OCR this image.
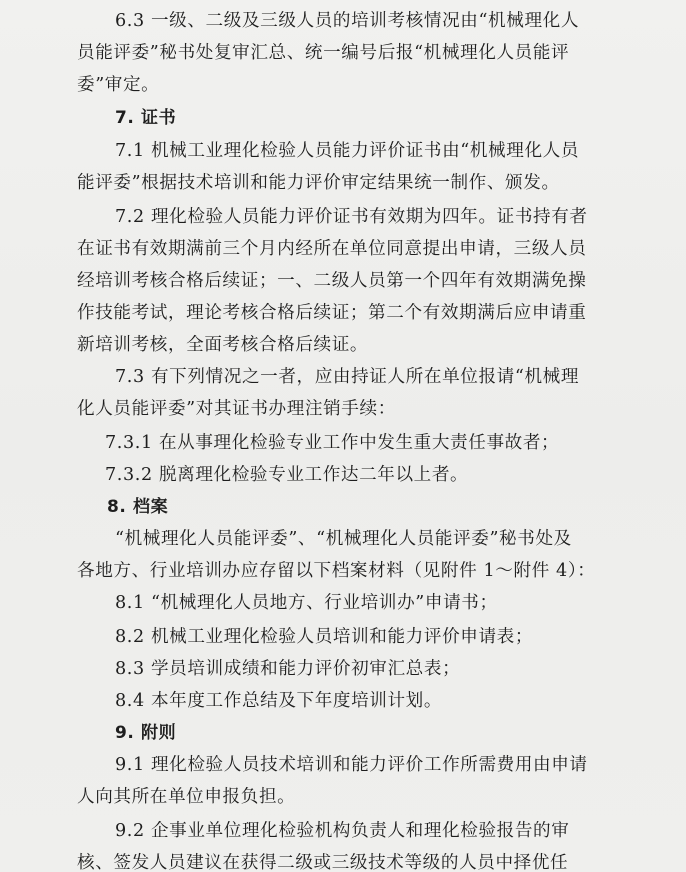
6.3 一级、二级及三级人员的培训考核情况由“机械理化人
员能评委”秘书处复审汇总、统一编号后报“机械理化人员能评
委”审定。
7. 证书
7.1 机械工业理化检验人员能力评价证书由“机械理化人员
能评委”根据技术培训和能力评价审定结果统一制作、颁发。
7.2 理化检验人员能力评价证书有效期为四年。证书持有者
在证书有效期满前三个月内经所在单位同意提出申请，三级人员
经培训考核合格后续证；一、二级人员第一个四年有效期满免操
作技能考试，理论考核合格后续证；第二个有效期满后应申请重
新培训考核，全面考核合格后续证。
7.3 有下列情况之一者，应由持证人所在单位报请“机械理
化人员能评委”对其证书办理注销手续：
7.3.1 在从事理化检验专业工作中发生重大责任事故者；
7.3.2 脱离理化检验专业工作达二年以上者。
8. 档案
“机械理化人员能评委”、“机械理化人员能评委”秘书处及
各地方、行业培训办应存留以下档案材料（见附件 1～附件 4）：
8.1 “机械理化人员地方、行业培训办”申请书；
8.2 机械工业理化检验人员培训和能力评价申请表；
8.3 学员培训成绩和能力评价初审汇总表；
8.4 本年度工作总结及下年度培训计划。
9. 附则
9.1 理化检验人员技术培训和能力评价工作所需费用由申请
人向其所在单位申报负担。
9.2 企事业单位理化检验机构负责人和理化检验报告的审
核、签发人员建议在获得二级或三级技术等级的人员中择优任
